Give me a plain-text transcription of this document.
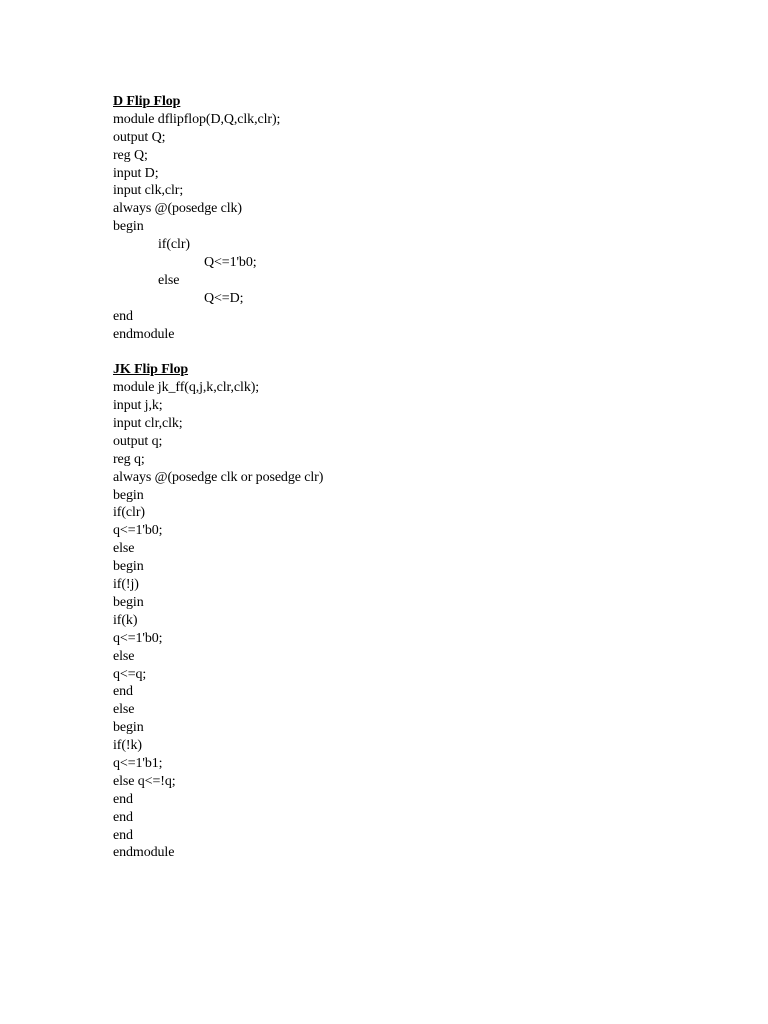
D Flip Flop
module dflipflop(D,Q,clk,clr);
output Q;
reg Q;
input D;
input clk,clr;
always @(posedge clk)
begin
if(clr)
Q<=1'b0;
else
Q<=D;
end
endmodule
JK Flip Flop
module jk_ff(q,j,k,clr,clk);
input j,k;
input clr,clk;
output q;
reg q;
always @(posedge clk or posedge clr)
begin
if(clr)
q<=1'b0;
else
begin
if(!j)
begin
if(k)
q<=1'b0;
else
q<=q;
end
else
begin
if(!k)
q<=1'b1;
else q<=!q;
end
end
end
endmodule
